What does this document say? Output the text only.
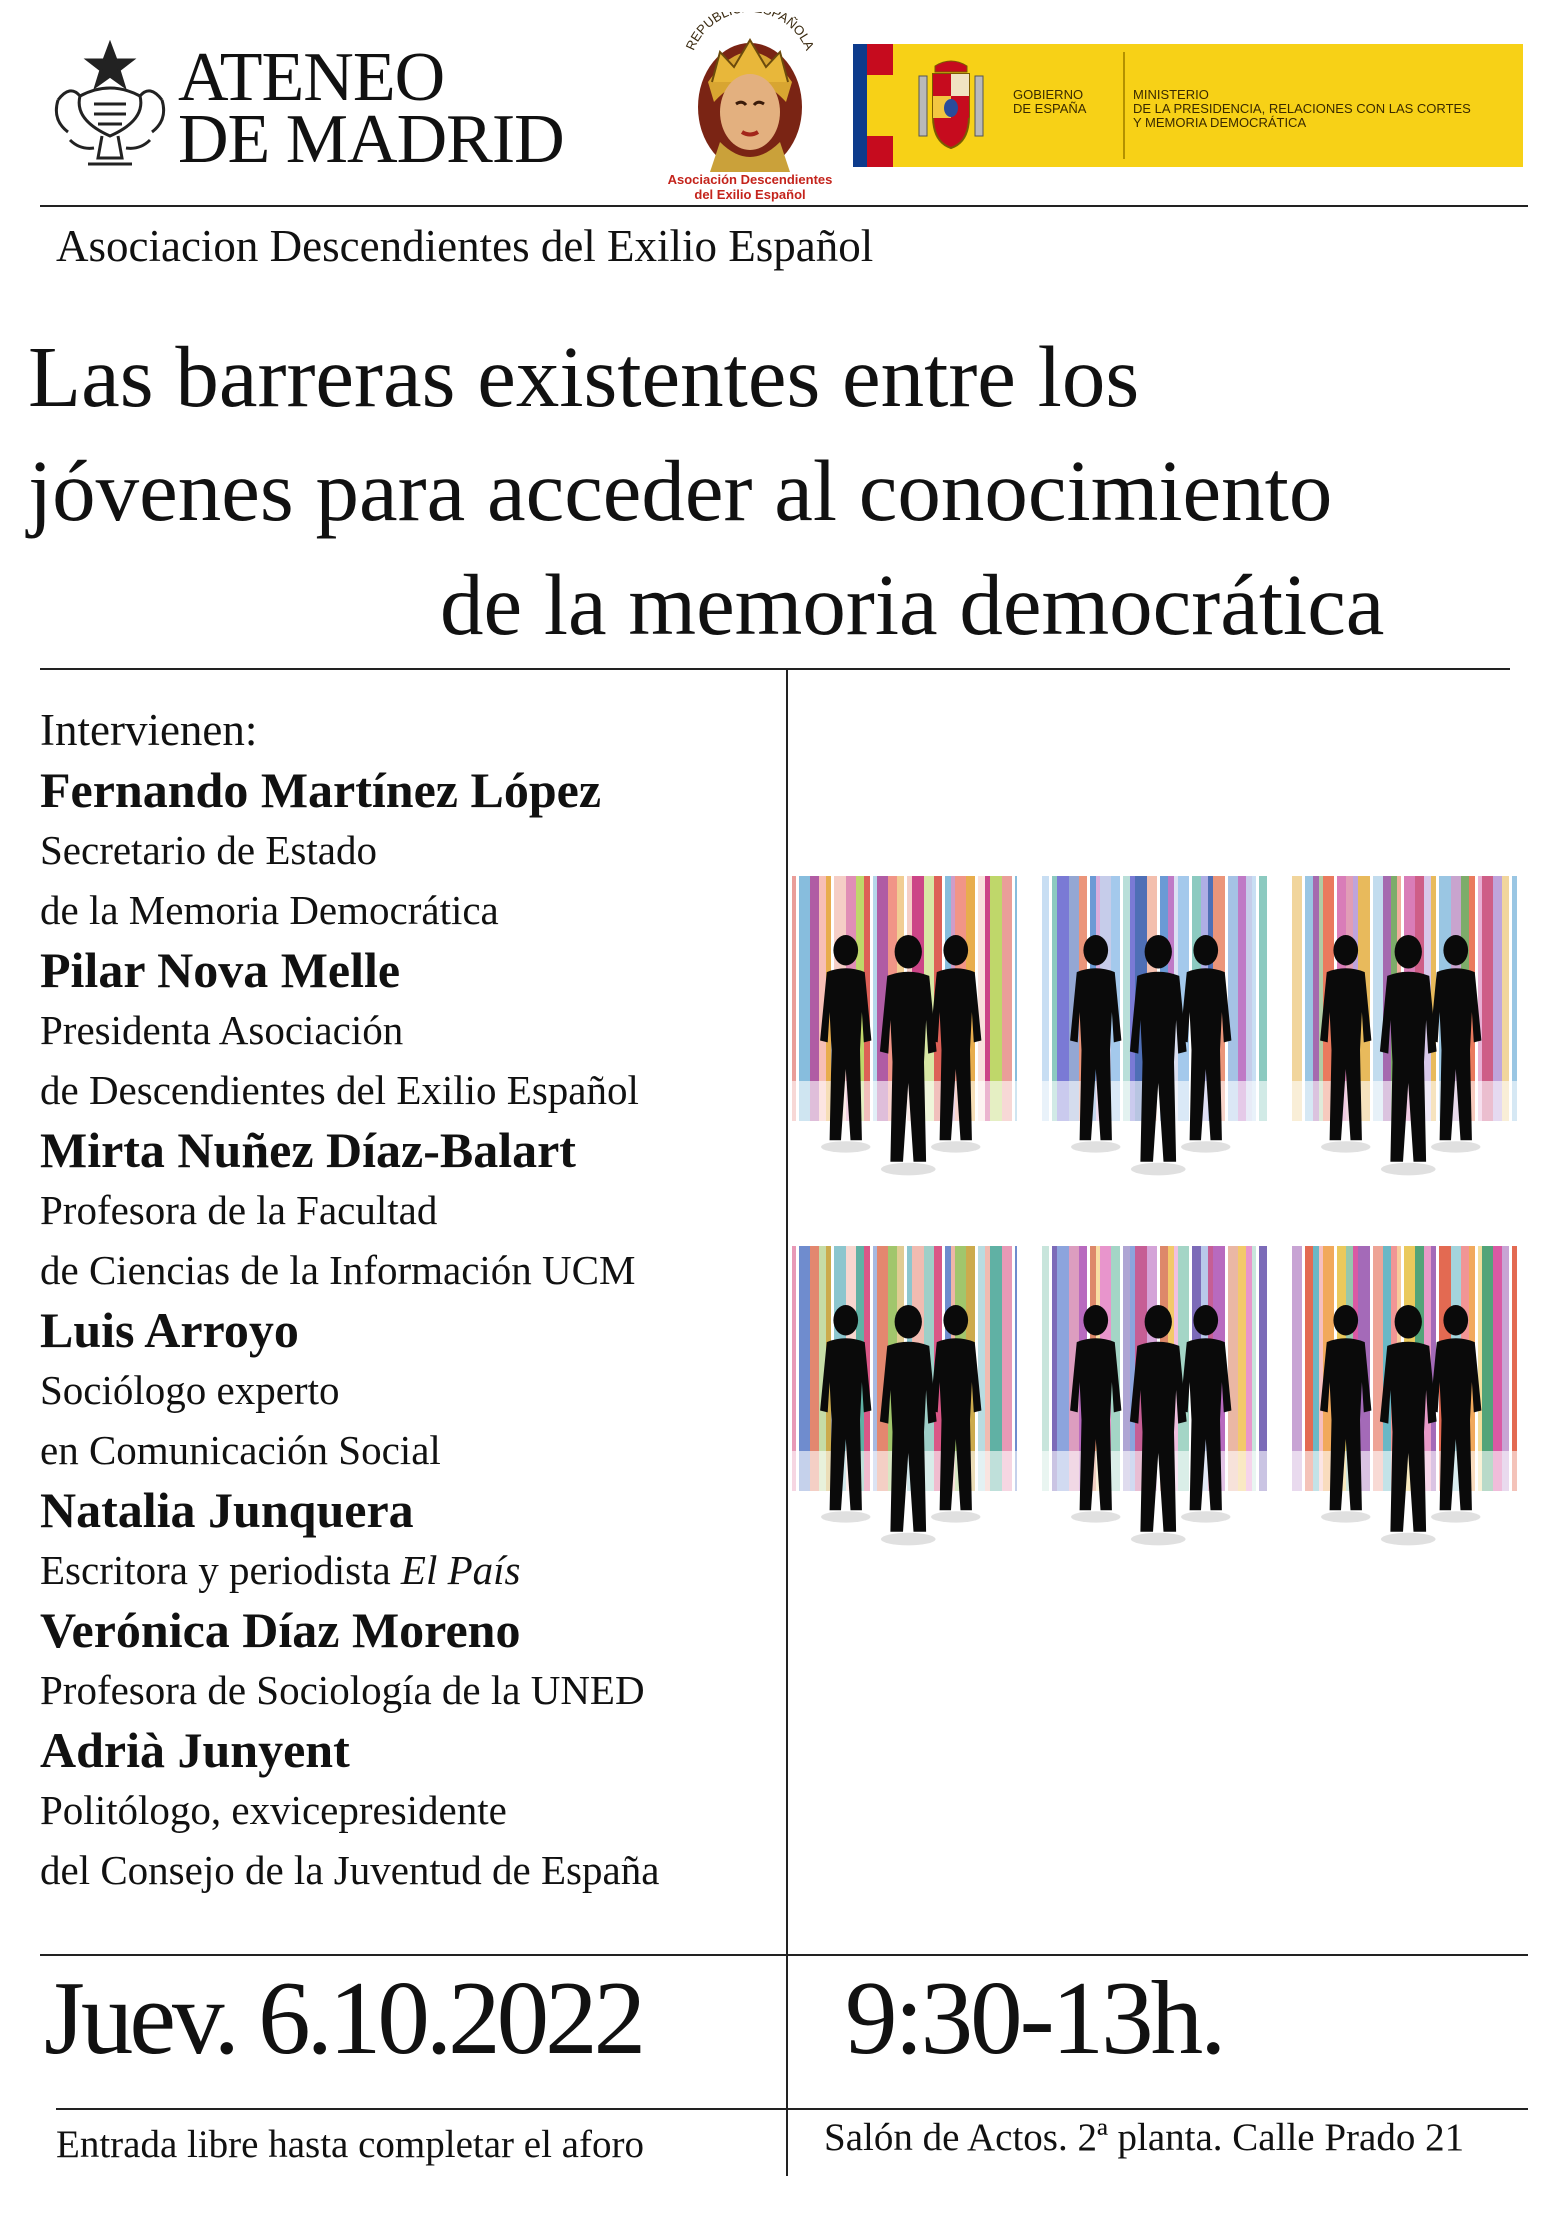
ATENEO
DE MADRID
REPUBL PAÑOLA
Asociación Descendientes
del Exilio Español
GOBIERNO
DE ESPAÑA
MINISTERIO
DE LA PRESIDENCIA, RELACIONES CON LAS CORTES
Y MEMORIA DEMOCRÁTICA
Asociacion Descendientes del Exilio Español
Las barreras existentes entre los
jóvenes para acceder al conocimiento
de la memoria democrática
Intervienen:
Fernando Martínez López
Secretario de Estado
de la Memoria Democrática
Pilar Nova Melle
Presidenta Asociación
de Descendientes del Exilio Español
Mirta Nuñez Díaz-Balart
Profesora de la Facultad
de Ciencias de la Información UCM
Luis Arroyo
Sociólogo experto
en Comunicación Social
Natalia Junquera
Escritora y periodista El País
Verónica Díaz Moreno
Profesora de Sociología de la UNED
Adrià Junyent
Politólogo, exvicepresidente
del Consejo de la Juventud de España
Juev. 6.10.2022 9:30-13h.
Entrada libre hasta completar el aforo	Salón de Actos. 2ª planta. Calle Prado 21
